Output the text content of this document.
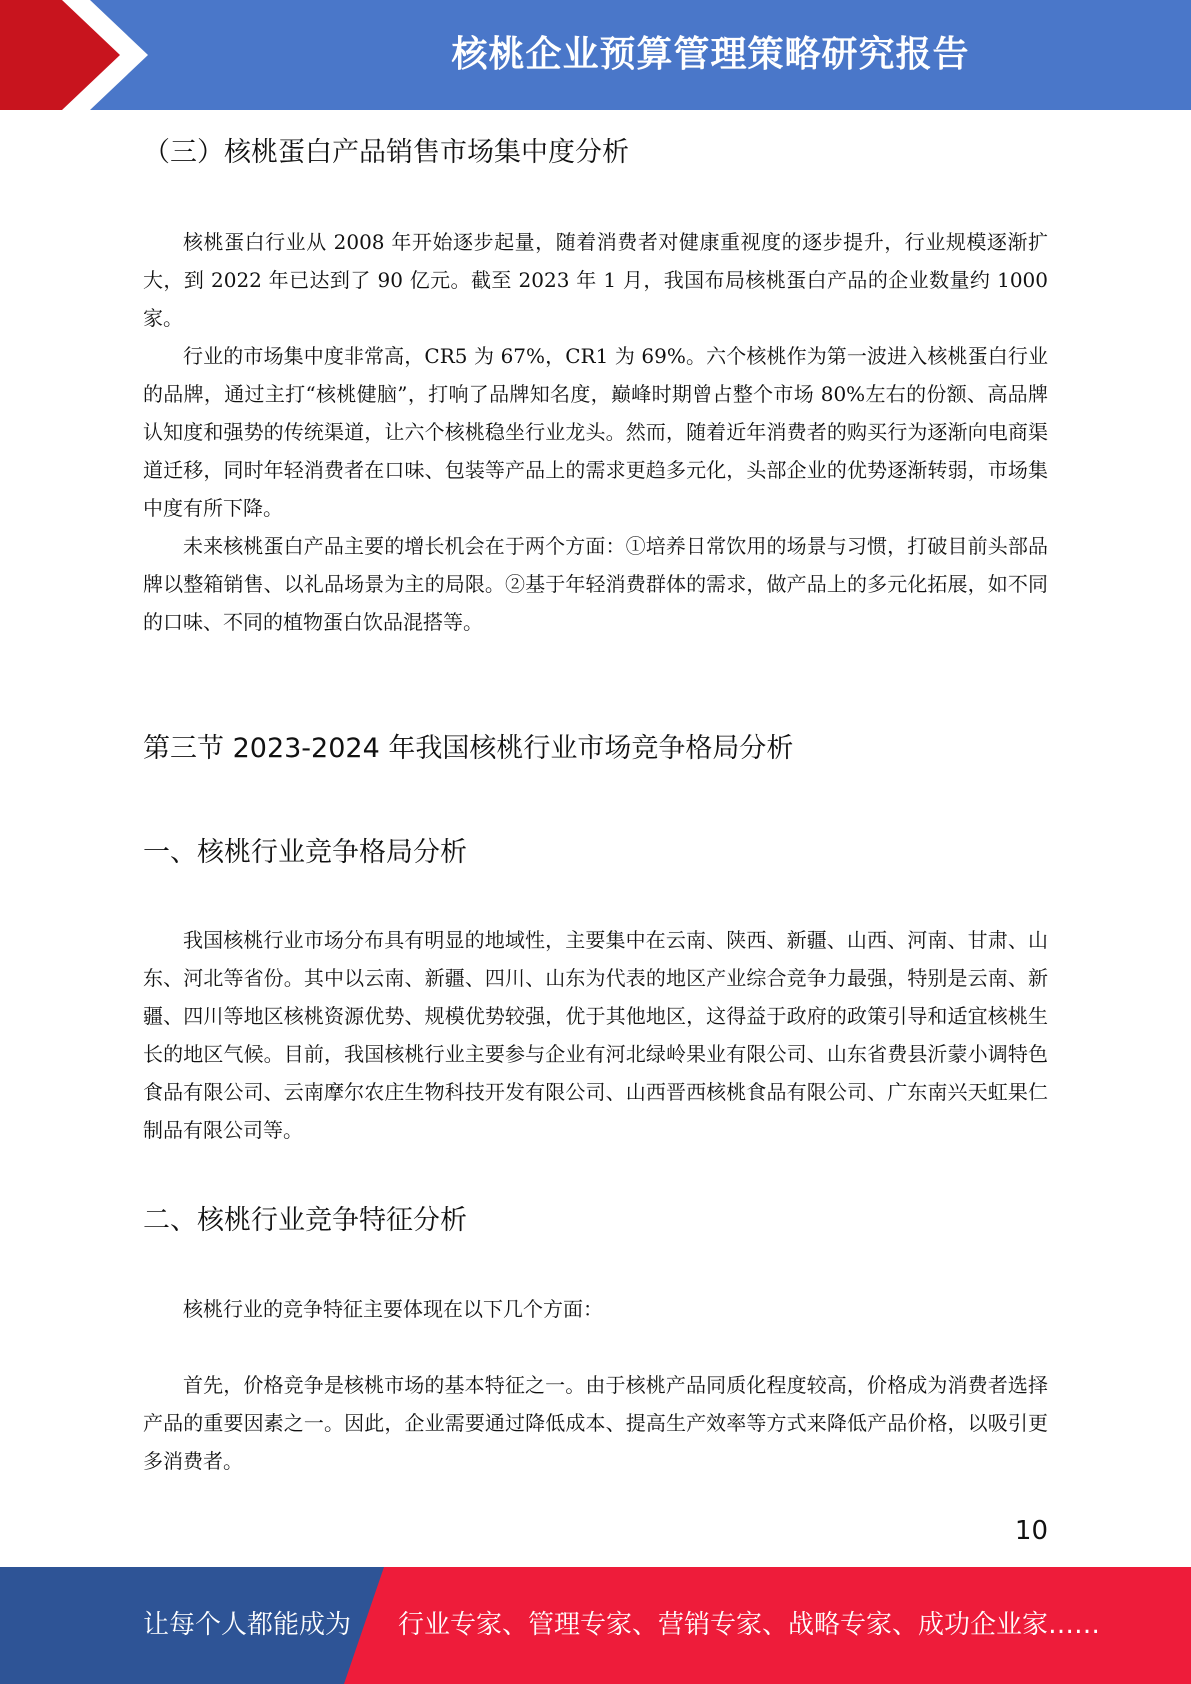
核桃企业预算管理策略研究报告
（三）核桃蛋白产品销售市场集中度分析

核桃蛋白行业从 2008 年开始逐步起量，随着消费者对健康重视度的逐步提升，行业规模逐渐扩大，到 2022 年已达到了 90 亿元。截至 2023 年 1 月，我国布局核桃蛋白产品的企业数量约 1000 家。

行业的市场集中度非常高，CR5 为 67%，CR1 为 69%。六个核桃作为第一波进入核桃蛋白行业的品牌，通过主打“核桃健脑”，打响了品牌知名度，巅峰时期曾占整个市场 80%左右的份额、高品牌认知度和强势的传统渠道，让六个核桃稳坐行业龙头。然而，随着近年消费者的购买行为逐渐向电商渠道迁移，同时年轻消费者在口味、包装等产品上的需求更趋多元化，头部企业的优势逐渐转弱，市场集中度有所下降。

未来核桃蛋白产品主要的增长机会在于两个方面：①培养日常饮用的场景与习惯，打破目前头部品牌以整箱销售、以礼品场景为主的局限。②基于年轻消费群体的需求，做产品上的多元化拓展，如不同的口味、不同的植物蛋白饮品混搭等。

第三节 2023-2024 年我国核桃行业市场竞争格局分析
一、核桃行业竞争格局分析

我国核桃行业市场分布具有明显的地域性，主要集中在云南、陕西、新疆、山西、河南、甘肃、山东、河北等省份。其中以云南、新疆、四川、山东为代表的地区产业综合竞争力最强，特别是云南、新疆、四川等地区核桃资源优势、规模优势较强，优于其他地区，这得益于政府的政策引导和适宜核桃生长的地区气候。目前，我国核桃行业主要参与企业有河北绿岭果业有限公司、山东省费县沂蒙小调特色食品有限公司、云南摩尔农庄生物科技开发有限公司、山西晋西核桃食品有限公司、广东南兴天虹果仁制品有限公司等。

二、核桃行业竞争特征分析

核桃行业的竞争特征主要体现在以下几个方面：

首先，价格竞争是核桃市场的基本特征之一。由于核桃产品同质化程度较高，价格成为消费者选择产品的重要因素之一。因此，企业需要通过降低成本、提高生产效率等方式来降低产品价格，以吸引更多消费者。

10
让每个人都能成为 行业专家、管理专家、营销专家、战略专家、成功企业家……
